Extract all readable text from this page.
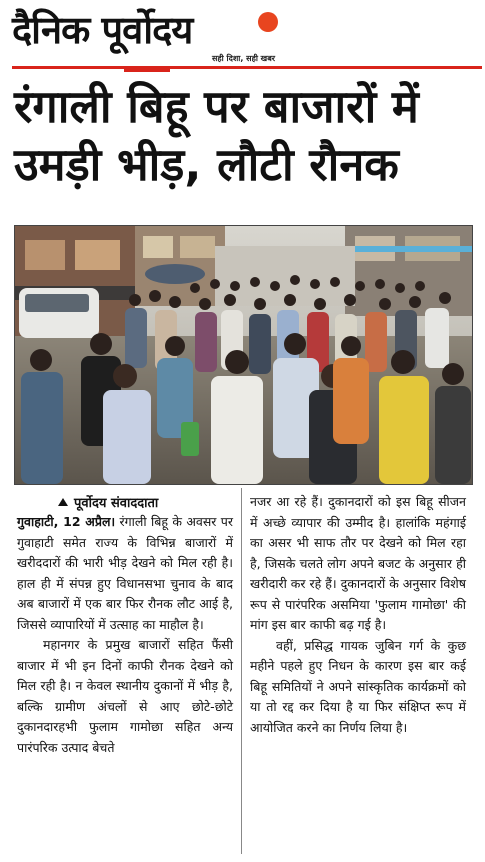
दैनिक पूर्वोदय
सही दिशा, सही खबर
रंगाली बिहू पर बाजारों में
उमड़ी भीड़, लौटी रौनक
पूर्वोदय संवाददाता

गुवाहाटी, 12 अप्रैल। रंगाली बिहू के अवसर पर गुवाहाटी समेत राज्य के विभिन्न बाजारों में खरीददारों की भारी भीड़ देखने को मिल रही है। हाल ही में संपन्न हुए विधानसभा चुनाव के बाद अब बाजारों में एक बार फिर रौनक लौट आई है, जिससे व्यापारियों में उत्साह का माहौल है।

महानगर के प्रमुख बाजारों सहित फैंसी बाजार में भी इन दिनों काफी रौनक देखने को मिल रही है। न केवल स्थानीय दुकानों में भीड़ है, बल्कि ग्रामीण अंचलों से आए छोटे-छोटे दुकानदारहभी फुलाम गामोछा सहित अन्य पारंपरिक उत्पाद बेचते

नजर आ रहे हैं। दुकानदारों को इस बिहू सीजन में अच्छे व्यापार की उम्मीद है। हालांकि महंगाई का असर भी साफ तौर पर देखने को मिल रहा है, जिसके चलते लोग अपने बजट के अनुसार ही खरीदारी कर रहे हैं। दुकानदारों के अनुसार विशेष रूप से पारंपरिक असमिया 'फुलाम गामोछा' की मांग इस बार काफी बढ़ गई है।

वहीं, प्रसिद्ध गायक जुबिन गर्ग के कुछ महीने पहले हुए निधन के कारण इस बार कई बिहू समितियों ने अपने सांस्कृतिक कार्यक्रमों को या तो रद्द कर दिया है या फिर संक्षिप्त रूप में आयोजित करने का निर्णय लिया है।
